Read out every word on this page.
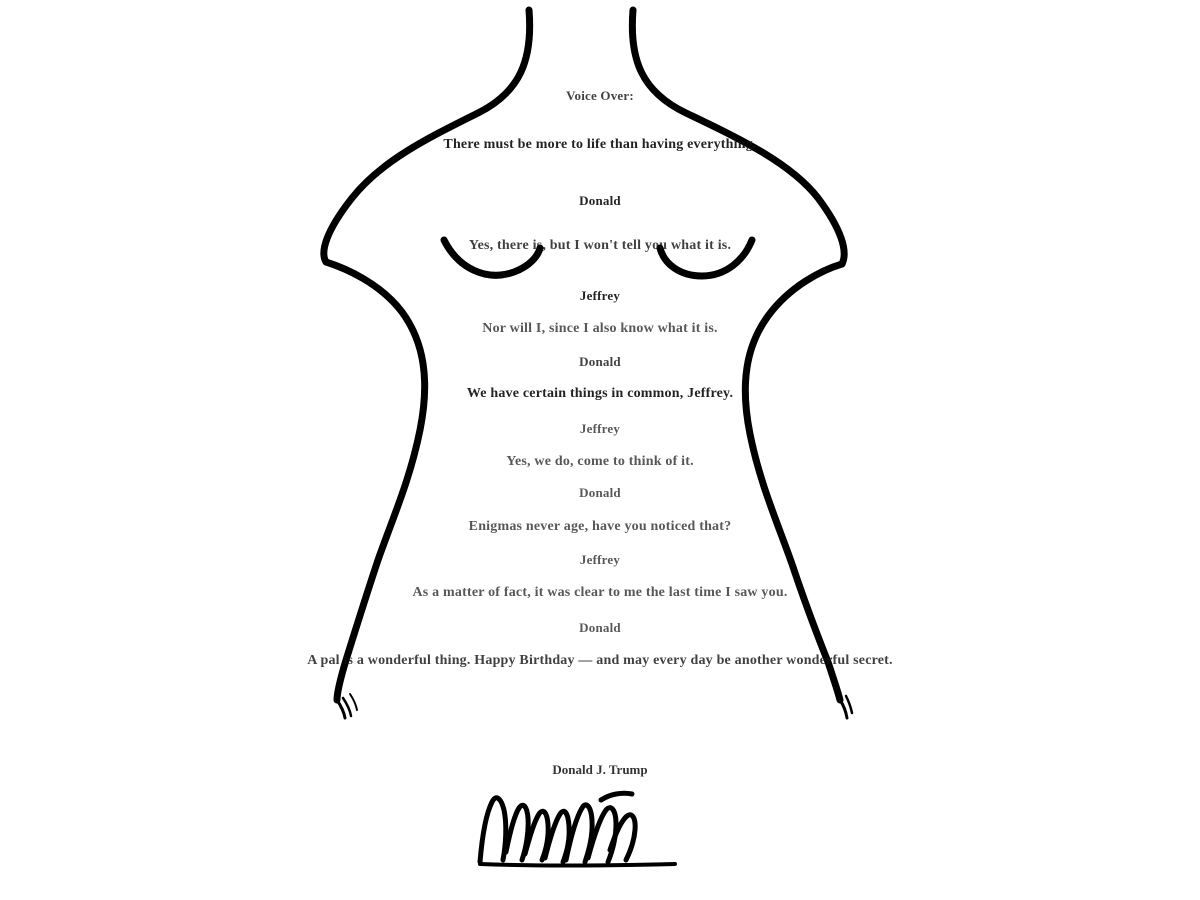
Voice Over:
There must be more to life than having everything.
Donald
Yes, there is, but I won't tell you what it is.
Jeffrey
Nor will I, since I also know what it is.
Donald
We have certain things in common, Jeffrey.
Jeffrey
Yes, we do, come to think of it.
Donald
Enigmas never age, have you noticed that?
Jeffrey
As a matter of fact, it was clear to me the last time I saw you.
Donald
A pal is a wonderful thing. Happy Birthday — and may every day be another wonderful secret.
Donald J. Trump
